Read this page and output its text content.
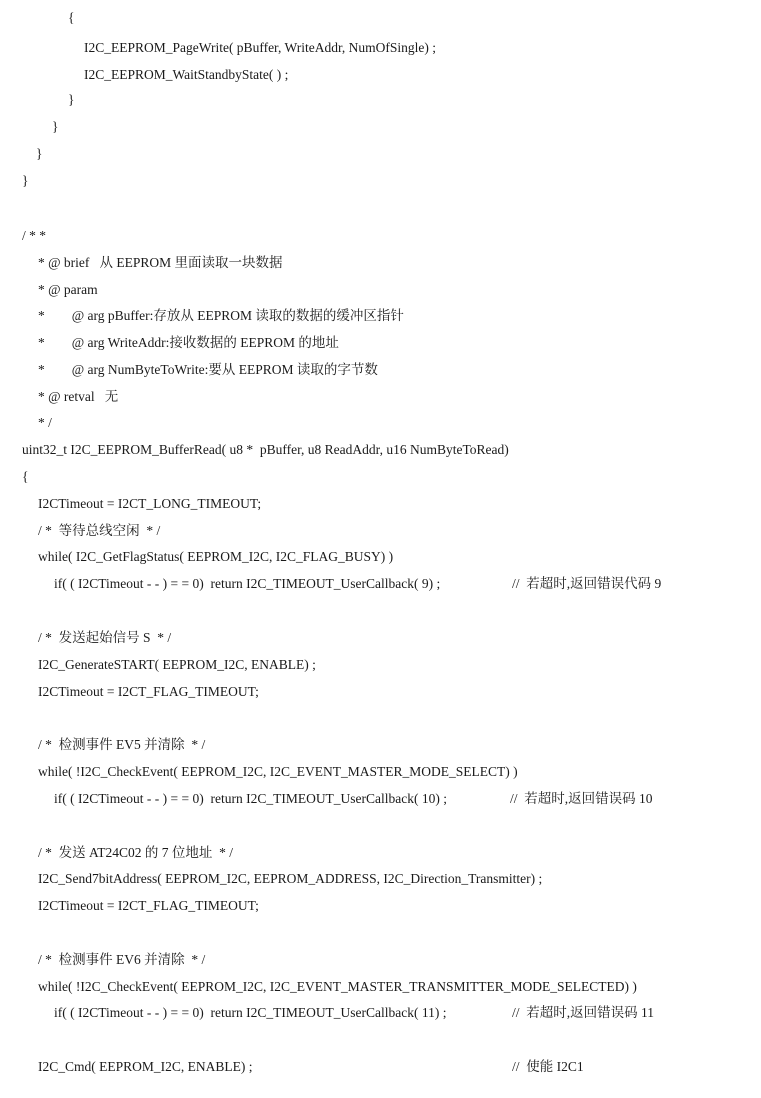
{
I2C_EEPROM_PageWrite( pBuffer, WriteAddr, NumOfSingle) ;
I2C_EEPROM_WaitStandbyState( ) ;
}
}
}
}
/ * *
* @ brief   从 EEPROM 里面读取一块数据
* @ param
*        @ arg pBuffer:存放从 EEPROM 读取的数据的缓冲区指针
*        @ arg WriteAddr:接收数据的 EEPROM 的地址
*        @ arg NumByteToWrite:要从 EEPROM 读取的字节数
* @ retval   无
* /
uint32_t I2C_EEPROM_BufferRead( u8 *  pBuffer, u8 ReadAddr, u16 NumByteToRead)
{
I2CTimeout = I2CT_LONG_TIMEOUT;
/ *  等待总线空闲  * /
while( I2C_GetFlagStatus( EEPROM_I2C, I2C_FLAG_BUSY) )
if( ( I2CTimeout - - ) = = 0)  return I2C_TIMEOUT_UserCallback( 9) ;	//  若超时,返回错误代码 9
/ *  发送起始信号 S  * /
I2C_GenerateSTART( EEPROM_I2C, ENABLE) ;
I2CTimeout = I2CT_FLAG_TIMEOUT;
/ *  检测事件 EV5 并清除  * /
while( !I2C_CheckEvent( EEPROM_I2C, I2C_EVENT_MASTER_MODE_SELECT) )
if( ( I2CTimeout - - ) = = 0)  return I2C_TIMEOUT_UserCallback( 10) ;	//  若超时,返回错误码 10
/ *  发送 AT24C02 的 7 位地址  * /
I2C_Send7bitAddress( EEPROM_I2C, EEPROM_ADDRESS, I2C_Direction_Transmitter) ;
I2CTimeout = I2CT_FLAG_TIMEOUT;
/ *  检测事件 EV6 并清除  * /
while( !I2C_CheckEvent( EEPROM_I2C, I2C_EVENT_MASTER_TRANSMITTER_MODE_SELECTED) )
if( ( I2CTimeout - - ) = = 0)  return I2C_TIMEOUT_UserCallback( 11) ;	//  若超时,返回错误码 11
I2C_Cmd( EEPROM_I2C, ENABLE) ;	//  使能 I2C1
